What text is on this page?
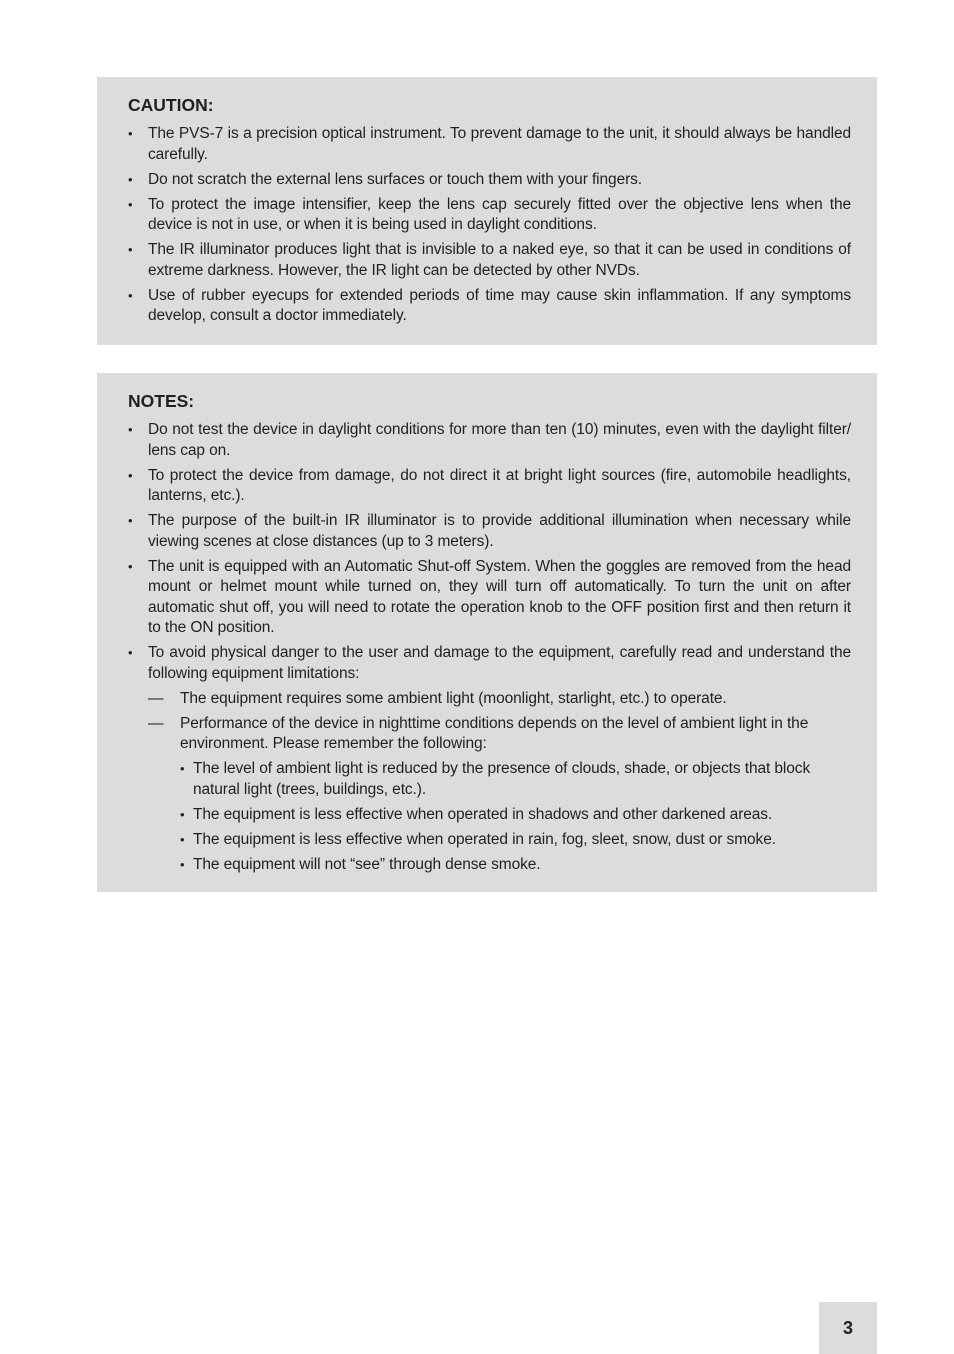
CAUTION:
• The PVS-7 is a precision optical instrument. To prevent damage to the unit, it should always be handled carefully.
• Do not scratch the external lens surfaces or touch them with your fingers.
• To protect the image intensifier, keep the lens cap securely fitted over the objective lens when the device is not in use, or when it is being used in daylight conditions.
• The IR illuminator produces light that is invisible to a naked eye, so that it can be used in conditions of extreme darkness. However, the IR light can be detected by other NVDs.
• Use of rubber eyecups for extended periods of time may cause skin inflammation. If any symptoms develop, consult a doctor immediately.
NOTES:
• Do not test the device in daylight conditions for more than ten (10) minutes, even with the daylight filter/ lens cap on.
• To protect the device from damage, do not direct it at bright light sources (fire, automobile headlights, lanterns, etc.).
• The purpose of the built-in IR illuminator is to provide additional illumination when necessary while viewing scenes at close distances (up to 3 meters).
• The unit is equipped with an Automatic Shut-off System. When the goggles are removed from the head mount or helmet mount while turned on, they will turn off automatically. To turn the unit on after automatic shut off, you will need to rotate the operation knob to the OFF position first and then return it to the ON position.
• To avoid physical danger to the user and damage to the equipment, carefully read and understand the following equipment limitations:
— The equipment requires some ambient light (moonlight, starlight, etc.) to operate.
— Performance of the device in nighttime conditions depends on the level of ambient light in the environment. Please remember the following:
• The level of ambient light is reduced by the presence of clouds, shade, or objects that block natural light (trees, buildings, etc.).
• The equipment is less effective when operated in shadows and other darkened areas.
• The equipment is less effective when operated in rain, fog, sleet, snow, dust or smoke.
• The equipment will not “see” through dense smoke.
3
